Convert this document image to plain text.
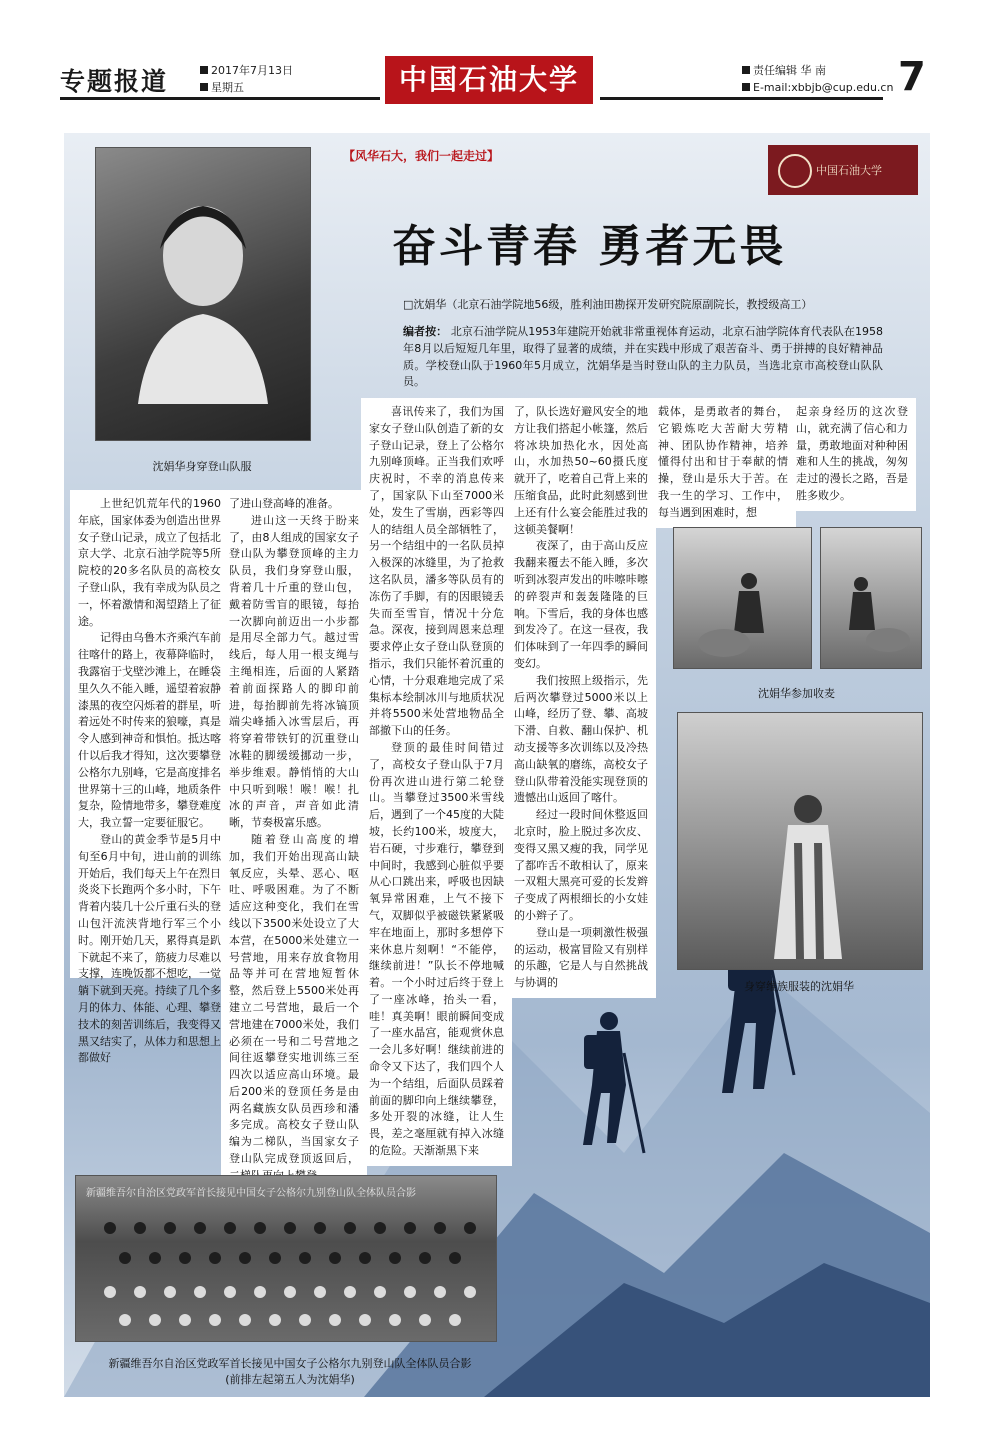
专题报道	2017年7月13日
星期五	中国石油大学	责任编辑 华 南
E-mail:xbbjb@cup.edu.cn 7
沈娟华身穿登山队服
【风华石大，我们一起走过】
中国石油大学
奋斗青春 勇者无畏
□沈娟华（北京石油学院地56级，胜利油田勘探开发研究院原副院长，教授级高工）
编者按： 北京石油学院从1953年建院开始就非常重视体育运动，北京石油学院体育代表队在1958年8月以后短短几年里，取得了显著的成绩，并在实践中形成了艰苦奋斗、勇于拼搏的良好精神品质。学校登山队于1960年5月成立，沈娟华是当时登山队的主力队员，当选北京市高校登山队队员。

上世纪饥荒年代的1960年底，国家体委为创造出世界女子登山记录，成立了包括北京大学、北京石油学院等5所院校的20多名队员的高校女子登山队，我有幸成为队员之一，怀着激情和渴望踏上了征途。

记得由乌鲁木齐乘汽车前往喀什的路上，夜幕降临时，我露宿于戈壁沙滩上，在睡袋里久久不能入睡，遥望着寂静漆黑的夜空闪烁着的群星，听着远处不时传来的狼嚎，真是令人感到神奇和惧怕。抵达喀什以后我才得知，这次要攀登公格尔九别峰，它是高度排名世界第十三的山峰，地质条件复杂，险情地带多，攀登难度大，我立誓一定要征服它。

登山的黄金季节是5月中旬至6月中旬，进山前的训练开始后，我们每天上午在烈日炎炎下长跑两个多小时，下午背着内装几十公斤重石头的登山包汗流浃背地行军三个小时。刚开始几天，累得真是趴下就起不来了，筋疲力尽难以支撑，连晚饭都不想吃，一觉躺下就到天亮。持续了几个多月的体力、体能、心理、攀登技术的刻苦训练后，我变得又黑又结实了，从体力和思想上都做好

了进山登高峰的准备。

进山这一天终于盼来了，由8人组成的国家女子登山队为攀登顶峰的主力队员，我们身穿登山服，背着几十斤重的登山包，戴着防雪盲的眼镜，每抬一次脚向前迈出一小步都是用尽全部力气。越过雪线后，每人用一根支绳与主绳相连，后面的人紧踏着前面探路人的脚印前进，每抬脚前先将冰镐顶端尖峰插入冰雪层后，再将穿着带铁钉的沉重登山冰鞋的脚缓缓挪动一步，举步维艰。静悄悄的大山中只听到喉！喉！喉！扎冰的声音，声音如此清晰，节奏极富乐感。

随着登山高度的增加，我们开始出现高山缺氧反应，头晕、恶心、呕吐、呼吸困难。为了不断适应这种变化，我们在雪线以下3500米处设立了大本营，在5000米处建立一号营地，用来存放食物用品等并可在营地短暂休整，然后登上5500米处再建立二号营地，最后一个营地建在7000米处，我们必须在一号和二号营地之间往返攀登实地训练三至四次以适应高山环境。最后200米的登顶任务是由两名藏族女队员西珍和潘多完成。高校女子登山队编为二梯队，当国家女子登山队完成登顶返回后，

喜讯传来了，我们为国家女子登山队创造了新的女子登山记录，登上了公格尔九别峰顶峰。正当我们欢呼庆祝时，不幸的消息传来了，国家队下山至7000米处，发生了雪崩，西彩等四人的结组人员全部牺牲了，另一个结组中的一名队员掉入极深的冰缝里，为了抢救这名队员，潘多等队员有的冻伤了手脚，有的因眼镜丢失而至雪盲，情况十分危急。深夜，接到周恩来总理要求停止女子登山队登顶的指示，我们只能怀着沉重的心情，十分艰难地完成了采集标本绘制冰川与地质状况并将5500米处营地物品全部撤下山的任务。

登顶的最佳时间错过了，高校女子登山队于7月份再次进山进行第二轮登山。当攀登过3500米雪线后，遇到了一个45度的大陡坡，长约100米，坡度大，岩石硬，寸步难行，攀登到中间时，我感到心脏似乎要从心口跳出来，呼吸也因缺氧异常困难，上气不接下气，双脚似乎被磁铁紧紧吸牢在地面上，那时多想停下来休息片刻啊！“不能停，继续前进！”队长不停地喊着。一个小时过后终于登上了一座冰峰，抬头一看，哇！真美啊！眼前瞬间变成了一座水晶宫，能观赏休息一会儿多好啊！继续前进的命令又下达了，我们四个人为一个结组，后面队员踩着前面的脚印向上继续攀登，多处开裂的冰缝，让人生畏，差之毫厘就有掉入冰缝的危险。天渐渐黑下来

了，队长选好避风安全的地方让我们搭起小帐篷，然后将冰块加热化水，因处高山，水加热50~60摄氏度就开了，吃着自己背上来的压缩食品，此时此刻感到世上还有什么宴会能胜过我的这顿美餐啊！

夜深了，由于高山反应我翻来覆去不能入睡，多次听到冰裂声发出的咔嚓咔嚓的碎裂声和轰轰隆隆的巨响。下雪后，我的身体也感到发冷了。在这一昼夜，我们体味到了一年四季的瞬间变幻。

我们按照上级指示，先后两次攀登过5000米以上山峰，经历了登、攀、高坡下滑、自救、翻山保护、机动支援等多次训练以及冷热高山缺氧的磨练，高校女子登山队带着没能实现登顶的遗憾出山返回了喀什。

经过一段时间休整返回北京时，脸上脱过多次皮、变得又黑又瘦的我，同学见了都咋舌不敢相认了，原来一双粗大黑亮可爱的长发辫子变成了两根细长的小女娃的小辫子了。

登山是一项刺激性极强的运动，极富冒险又有别样的乐趣，它是人与自然挑战与协调的

载体，是勇敢者的舞台，它锻炼吃大苦耐大劳精神、团队协作精神，培养懂得付出和甘于奉献的情操，登山是乐大于苦。在我一生的学习、工作中，每当遇到困难时，想

起亲身经历的这次登山，就充满了信心和力量，勇敢地面对种种困难和人生的挑战，匆匆走过的漫长之路，吾是胜多败少。

沈娟华参加收麦
身穿维族服装的沈娟华
新疆维吾尔自治区党政军首长接见中国女子公格尔九别登山队全体队员合影
新疆维吾尔自治区党政军首长接见中国女子公格尔九别登山队全体队员合影
(前排左起第五人为沈娟华)
